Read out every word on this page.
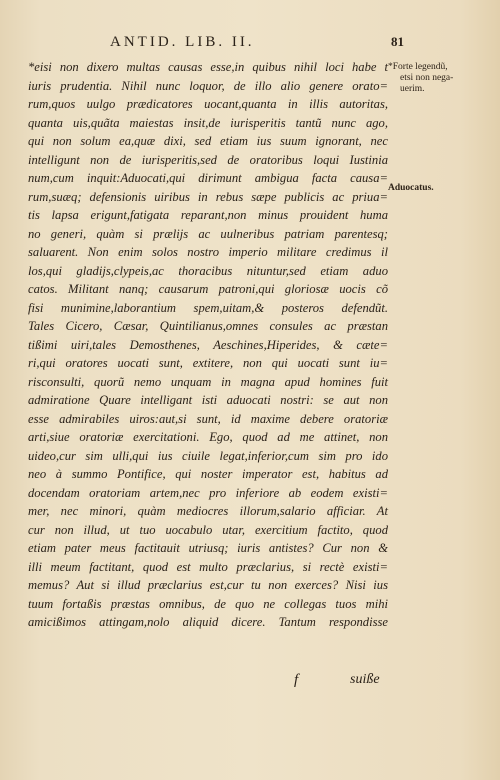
ANTID. LIB. II.	81
*eisi non dixero multas causas esse,in quibus nihil loci habe t
iuris prudentia. Nihil nunc loquor, de illo alio genere orato=
rum,quos uulgo prædicatores uocant,quanta in illis autoritas,
quanta uis,quãta maiestas insit,de iurisperitis tantũ nunc ago,
qui non solum ea,quæ dixi, sed etiam ius suum ignorant, nec
intelligunt non de iurisperitis,sed de oratoribus loqui Iustinia
num,cum inquit:Aduocati,qui dirimunt ambigua facta causa=
rum,suæq; defensionis uiribus in rebus sæpe publicis ac priua=
tis lapsa erigunt,fatigata reparant,non minus prouident huma
no generi, quàm si prælijs ac uulneribus patriam parentesq;
saluarent. Non enim solos nostro imperio militare credimus il
los,qui gladijs,clypeis,ac thoracibus nituntur,sed etiam aduo
catos. Militant nanq; causarum patroni,qui gloriosæ uocis cõ
fisi munimine,laborantium spem,uitam,& posteros defendũt.
Tales Cicero, Cæsar, Quintilianus,omnes consules ac præstan
tißimi uiri,tales Demosthenes, Aeschines,Hiperides, & cæte=
ri,qui oratores uocati sunt, extitere, non qui uocati sunt iu=
risconsulti, quorũ nemo unquam in magna apud homines fuit
admiratione Quare intelligant isti aduocati nostri: se aut non
esse admirabiles uiros:aut,si sunt, id maxime debere oratoriæ
arti,siue oratoriæ exercitationi. Ego, quod ad me attinet, non
uideo,cur sim ulli,qui ius ciuile legat,inferior,cum sim pro ido
neo à summo Pontifice, qui noster imperator est, habitus ad
docendam oratoriam artem,nec pro inferiore ab eodem existi=
mer, nec minori, quàm mediocres illorum,salario afficiar. At
cur non illud, ut tuo uocabulo utar, exercitium factito, quod
etiam pater meus factitauit utriusq; iuris antistes? Cur non &
illi meum factitant, quod est multo præclarius, si rectè existi=
memus? Aut si illud præclarius est,cur tu non exerces? Nisi ius
tuum fortaßis præstas omnibus, de quo ne collegas tuos mihi
amicißimos attingam,nolo aliquid dicere. Tantum respondisse
*Forte legendũ,
etsi non nega-
uerim.
Aduocatus.
f	suiße
